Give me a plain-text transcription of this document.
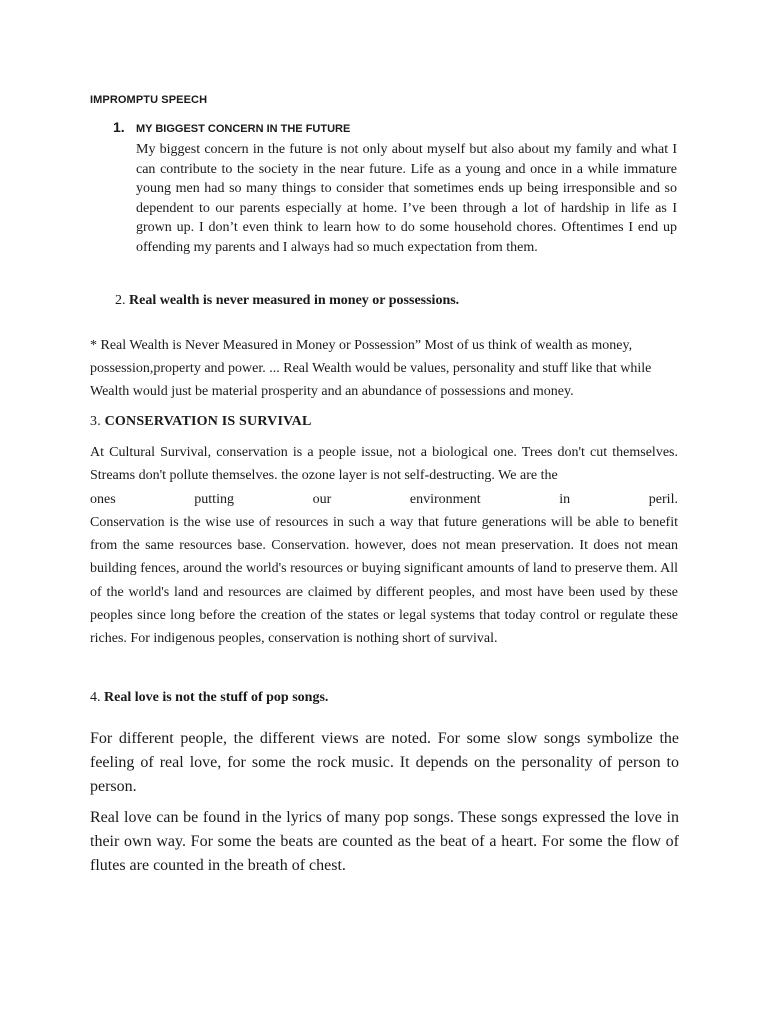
IMPROMPTU SPEECH
1. MY BIGGEST CONCERN IN THE FUTURE
My biggest concern in the future is not only about myself but also about my family and what I can contribute to the society in the near future. Life as a young and once in a while immature young men had so many things to consider that sometimes ends up being irresponsible and so dependent to our parents especially at home. I’ve been through a lot of hardship in life as I grown up. I don’t even think to learn how to do some household chores. Oftentimes I end up offending my parents and I always had so much expectation from them.
2. Real wealth is never measured in money or possessions.
* Real Wealth is Never Measured in Money or Possession” Most of us think of wealth as money, possession,property and power. ... Real Wealth would be values, personality and stuff like that while Wealth would just be material prosperity and an abundance of possessions and money.
3. CONSERVATION IS SURVIVAL

At Cultural Survival, conservation is a people issue, not a biological one. Trees don't cut themselves. Streams don't pollute themselves. the ozone layer is not self-destructing. We are the

ones	putting	our	environment	in	peril.

Conservation is the wise use of resources in such a way that future generations will be able to benefit from the same resources base. Conservation. however, does not mean preservation. It does not mean building fences, around the world's resources or buying significant amounts of land to preserve them. All of the world's land and resources are claimed by different peoples, and most have been used by these peoples since long before the creation of the states or legal systems that today control or regulate these riches. For indigenous peoples, conservation is nothing short of survival.

4. Real love is not the stuff of pop songs.

For different people, the different views are noted. For some slow songs symbolize the feeling of real love, for some the rock music. It depends on the personality of person to person.

Real love can be found in the lyrics of many pop songs. These songs expressed the love in their own way. For some the beats are counted as the beat of a heart. For some the flow of flutes are counted in the breath of chest.
